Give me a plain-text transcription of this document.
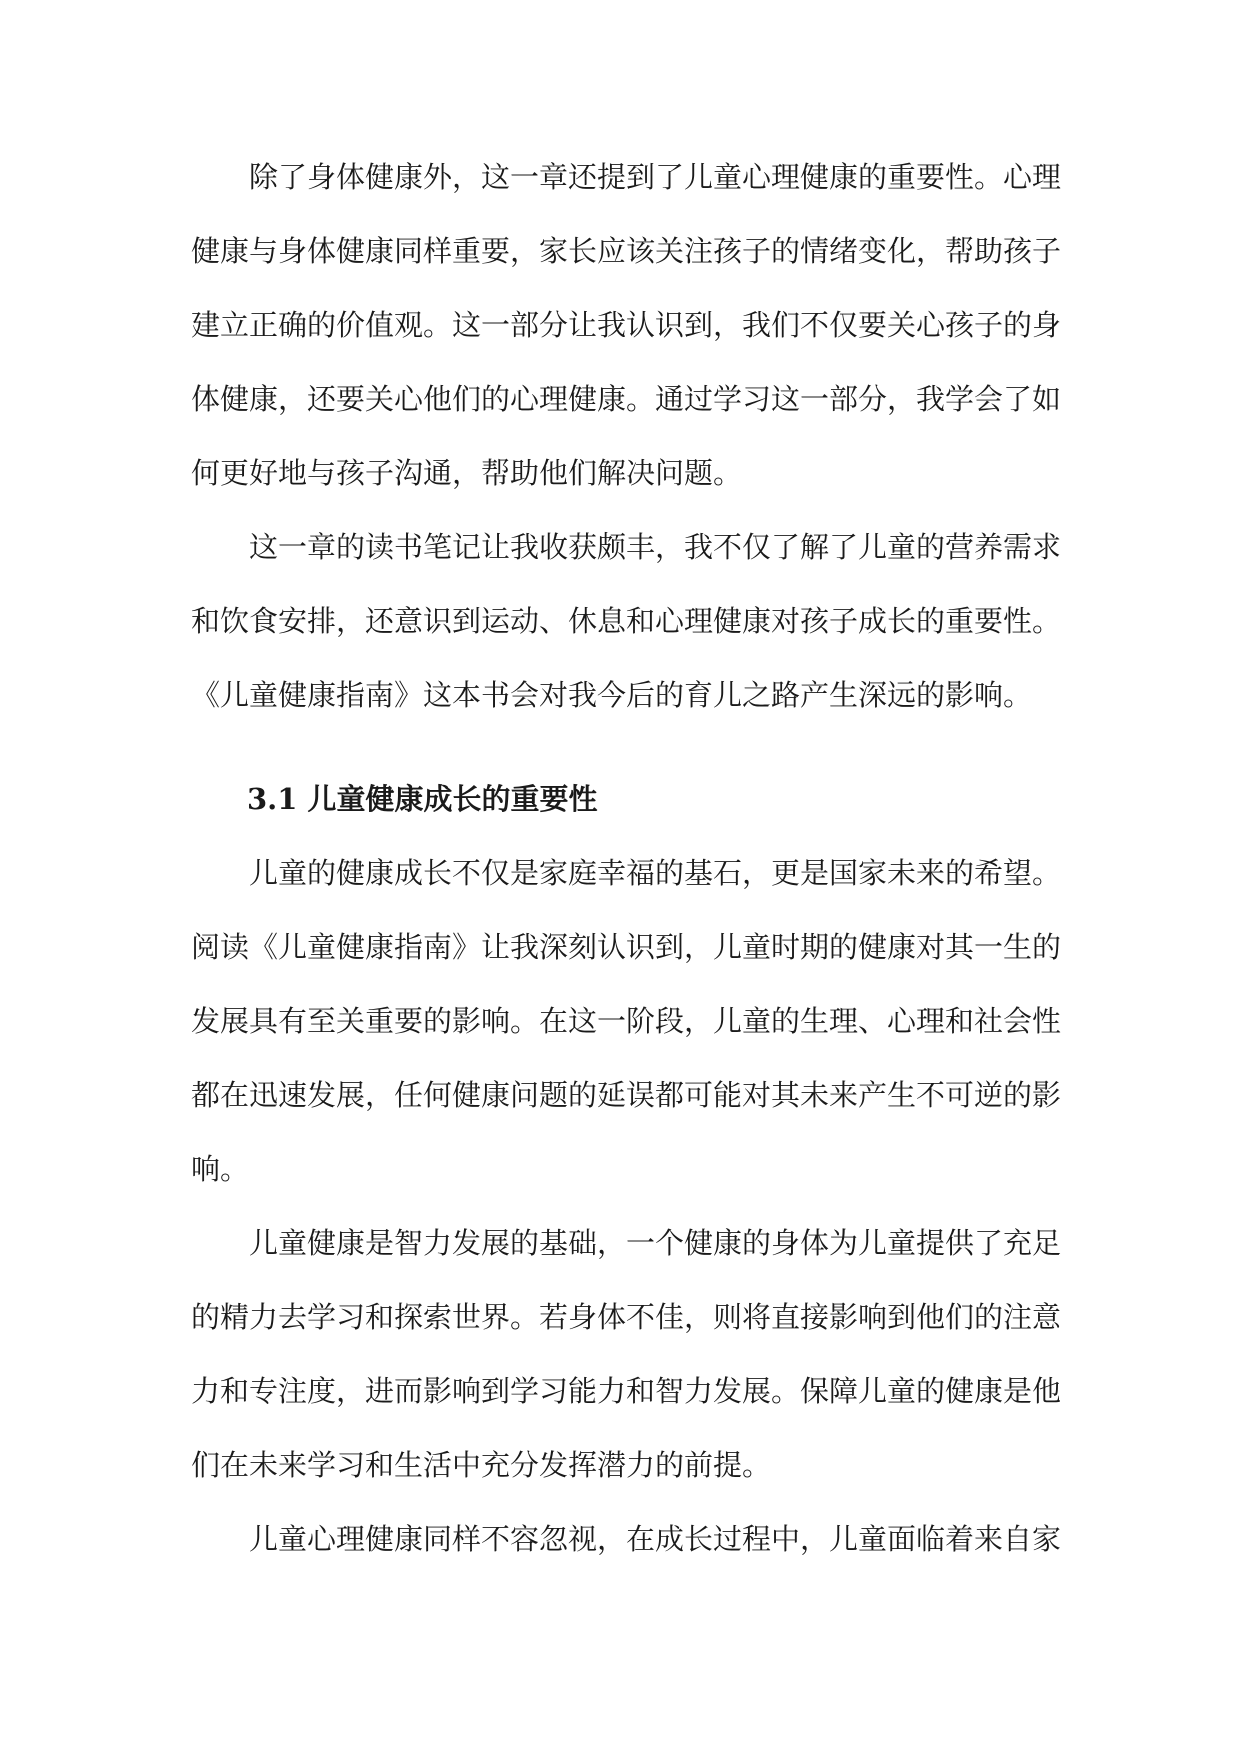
除了身体健康外，这一章还提到了儿童心理健康的重要性。心理
健康与身体健康同样重要，家长应该关注孩子的情绪变化，帮助孩子
建立正确的价值观。这一部分让我认识到，我们不仅要关心孩子的身
体健康，还要关心他们的心理健康。通过学习这一部分，我学会了如
何更好地与孩子沟通，帮助他们解决问题。
这一章的读书笔记让我收获颇丰，我不仅了解了儿童的营养需求
和饮食安排，还意识到运动、休息和心理健康对孩子成长的重要性。
《儿童健康指南》这本书会对我今后的育儿之路产生深远的影响。
3.1 儿童健康成长的重要性
儿童的健康成长不仅是家庭幸福的基石，更是国家未来的希望。
阅读《儿童健康指南》让我深刻认识到，儿童时期的健康对其一生的
发展具有至关重要的影响。在这一阶段，儿童的生理、心理和社会性
都在迅速发展，任何健康问题的延误都可能对其未来产生不可逆的影
响。
儿童健康是智力发展的基础，一个健康的身体为儿童提供了充足
的精力去学习和探索世界。若身体不佳，则将直接影响到他们的注意
力和专注度，进而影响到学习能力和智力发展。保障儿童的健康是他
们在未来学习和生活中充分发挥潜力的前提。
儿童心理健康同样不容忽视，在成长过程中，儿童面临着来自家
